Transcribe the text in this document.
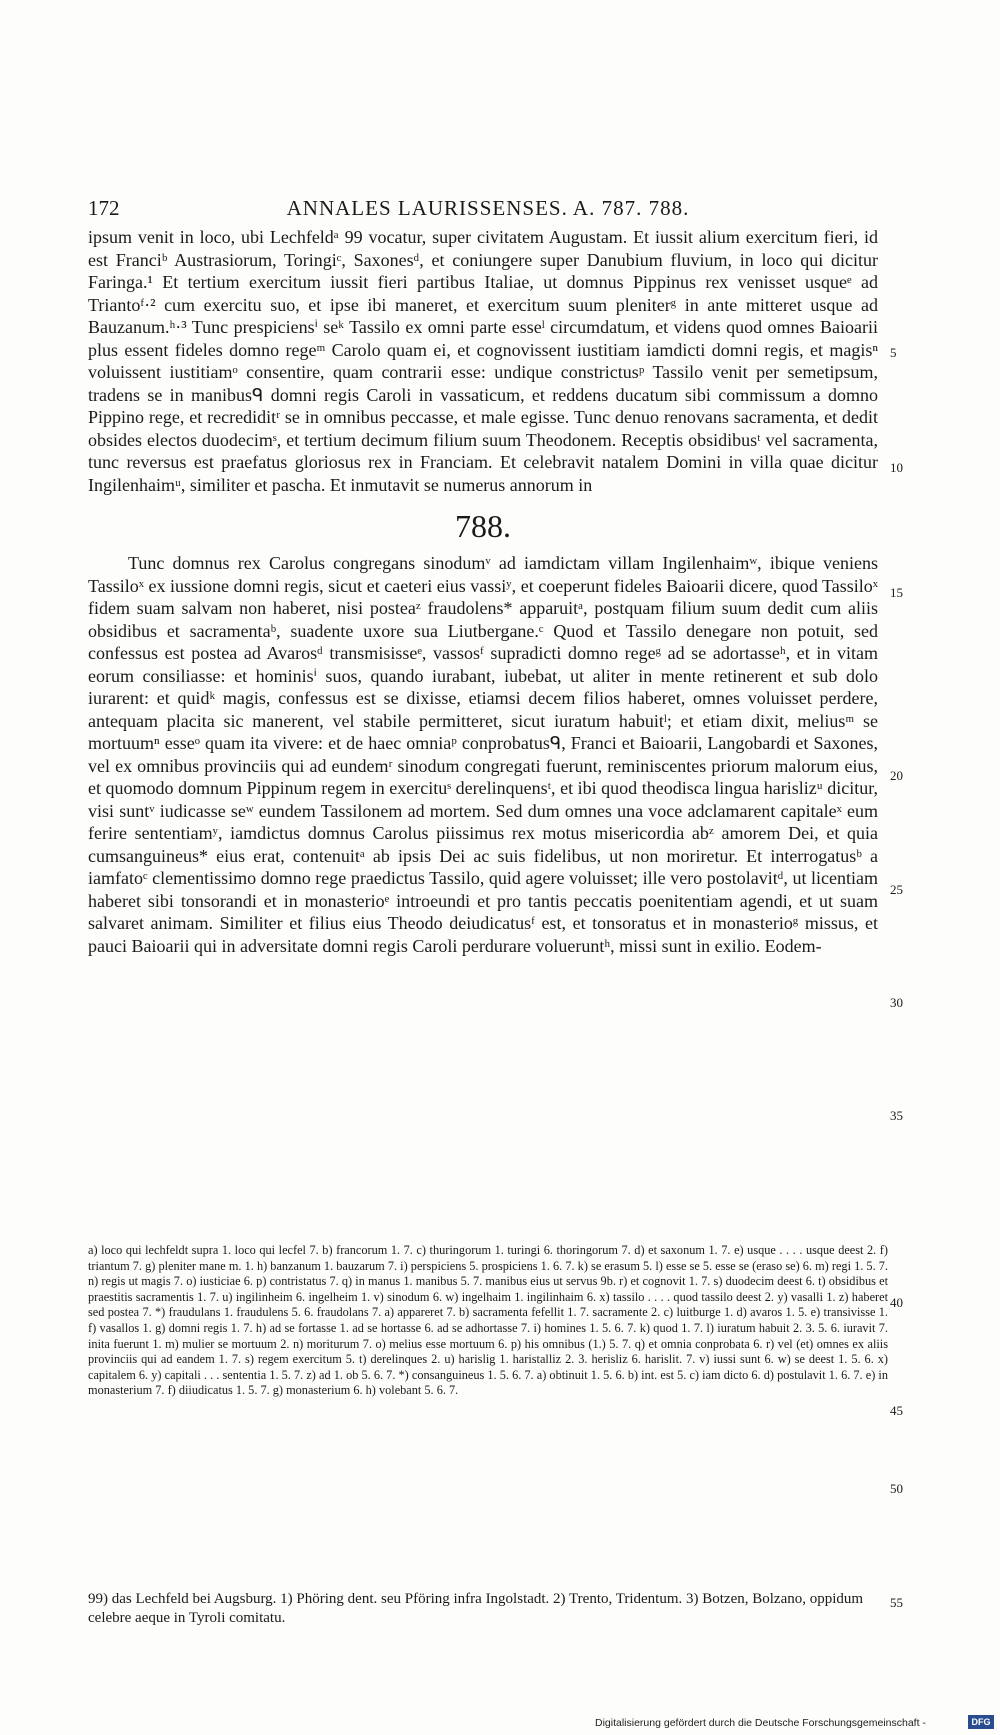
172	ANNALES LAURISSENSES. A. 787. 788.

ipsum venit in loco, ubi Lechfeldᵃ 99 vocatur, super civitatem Augustam. Et iussit alium exercitum fieri, id est Franciᵇ Austrasiorum, Toringiᶜ, Saxonesᵈ, et coniungere super Danubium fluvium, in loco qui dicitur Faringa.¹ Et tertium exercitum iussit fieri partibus Italiae, ut domnus Pippinus rex venisset usqueᵉ ad Triantoᶠ·² cum exercitu suo, et ipse ibi maneret, et exercitum suum pleniterᵍ in ante mitteret usque ad Bauzanum.ʰ·³ Tunc prespiciensⁱ seᵏ Tassilo ex omni parte esseˡ circumdatum, et videns quod omnes Baioarii plus essent fideles domno regeᵐ Carolo quam ei, et cognovissent iustitiam iamdicti domni regis, et magisⁿ voluissent iustitiamᵒ consentire, quam contrarii esse: undique constrictusᵖ Tassilo venit per semetipsum, tradens se in manibusᑫ domni regis Caroli in vassaticum, et reddens ducatum sibi commissum a domno Pippino rege, et recrediditʳ se in omnibus peccasse, et male egisse. Tunc denuo renovans sacramenta, et dedit obsides electos duodecimˢ, et tertium decimum filium suum Theodonem. Receptis obsidibusᵗ vel sacramenta, tunc reversus est praefatus gloriosus rex in Franciam. Et celebravit natalem Domini in villa quae dicitur Ingilenhaimᵘ, similiter et pascha. Et inmutavit se numerus annorum in

788.

Tunc domnus rex Carolus congregans sinodumᵛ ad iamdictam villam Ingilenhaimʷ, ibique veniens Tassiloˣ ex iussione domni regis, sicut et caeteri eius vassiʸ, et coeperunt fideles Baioarii dicere, quod Tassiloˣ fidem suam salvam non haberet, nisi posteaᶻ fraudolens* apparuitᵃ, postquam filium suum dedit cum aliis obsidibus et sacramentaᵇ, suadente uxore sua Liutbergane.ᶜ Quod et Tassilo denegare non potuit, sed confessus est postea ad Avarosᵈ transmisisseᵉ, vassosᶠ supradicti domno regeᵍ ad se adortasseʰ, et in vitam eorum consiliasse: et hominisⁱ suos, quando iurabant, iubebat, ut aliter in mente retinerent et sub dolo iurarent: et quidᵏ magis, confessus est se dixisse, etiamsi decem filios haberet, omnes voluisset perdere, antequam placita sic manerent, vel stabile permitteret, sicut iuratum habuitˡ; et etiam dixit, meliusᵐ se mortuumⁿ esseᵒ quam ita vivere: et de haec omniaᵖ conprobatusᑫ, Franci et Baioarii, Langobardi et Saxones, vel ex omnibus provinciis qui ad eundemʳ sinodum congregati fuerunt, reminiscentes priorum malorum eius, et quomodo domnum Pippinum regem in exercituˢ derelinquensᵗ, et ibi quod theodisca lingua harislizᵘ dicitur, visi suntᵛ iudicasse seʷ eundem Tassilonem ad mortem. Sed dum omnes una voce adclamarent capitaleˣ eum ferire sententiamʸ, iamdictus domnus Carolus piissimus rex motus misericordia abᶻ amorem Dei, et quia cumsanguineus* eius erat, contenuitᵃ ab ipsis Dei ac suis fidelibus, ut non moriretur. Et interrogatusᵇ a iamfatoᶜ clementissimo domno rege praedictus Tassilo, quid agere voluisset; ille vero postolavitᵈ, ut licentiam haberet sibi tonsorandi et in monasterioᵉ introeundi et pro tantis peccatis poenitentiam agendi, et ut suam salvaret animam. Similiter et filius eius Theodo deiudicatusᶠ est, et tonsoratus et in monasterioᵍ missus, et pauci Baioarii qui in adversitate domni regis Caroli perdurare volueruntʰ, missi sunt in exilio. Eodem-

5
10
15
20
25
30
35
40
45
50
55

a) loco qui lechfeldt supra 1. loco qui lecfel 7. b) francorum 1. 7. c) thuringorum 1. turingi 6. thoringorum 7. d) et saxonum 1. 7. e) usque . . . . usque deest 2. f) triantum 7. g) pleniter mane m. 1. h) banzanum 1. bauzarum 7. i) perspiciens 5. prospiciens 1. 6. 7. k) se erasum 5. l) esse se 5. esse se (eraso se) 6. m) regi 1. 5. 7. n) regis ut magis 7. o) iusticiae 6. p) contristatus 7. q) in manus 1. manibus 5. 7. manibus eius ut servus 9b. r) et cognovit 1. 7. s) duodecim deest 6. t) obsidibus et praestitis sacramentis 1. 7. u) ingilinheim 6. ingelheim 1. v) sinodum 6. w) ingelhaim 1. ingilinhaim 6. x) tassilo . . . . quod tassilo deest 2. y) vasalli 1. z) haberet sed postea 7. *) fraudulans 1. fraudulens 5. 6. fraudolans 7. a) appareret 7. b) sacramenta fefellit 1. 7. sacramente 2. c) luitburge 1. d) avaros 1. 5. e) transivisse 1. f) vasallos 1. g) domni regis 1. 7. h) ad se fortasse 1. ad se hortasse 6. ad se adhortasse 7. i) homines 1. 5. 6. 7. k) quod 1. 7. l) iuratum habuit 2. 3. 5. 6. iuravit 7. inita fuerunt 1. m) mulier se mortuum 2. n) moriturum 7. o) melius esse mortuum 6. p) his omnibus (1.) 5. 7. q) et omnia conprobata 6. r) vel (et) omnes ex aliis provinciis qui ad eandem 1. 7. s) regem exercitum 5. t) derelinques 2. u) harislig 1. haristalliz 2. 3. herisliz 6. harislit. 7. v) iussi sunt 6. w) se deest 1. 5. 6. x) capitalem 6. y) capitali . . . sententia 1. 5. 7. z) ad 1. ob 5. 6. 7. *) consanguineus 1. 5. 6. 7. a) obtinuit 1. 5. 6. b) int. est 5. c) iam dicto 6. d) postulavit 1. 6. 7. e) in monasterium 7. f) diiudicatus 1. 5. 7. g) monasterium 6. h) volebant 5. 6. 7.

99) das Lechfeld bei Augsburg. 1) Phöring dent. seu Pföring infra Ingolstadt. 2) Trento, Tridentum. 3) Botzen, Bolzano, oppidum celebre aeque in Tyroli comitatu.

Digitalisierung gefördert durch die Deutsche Forschungsgemeinschaft -	DFG
